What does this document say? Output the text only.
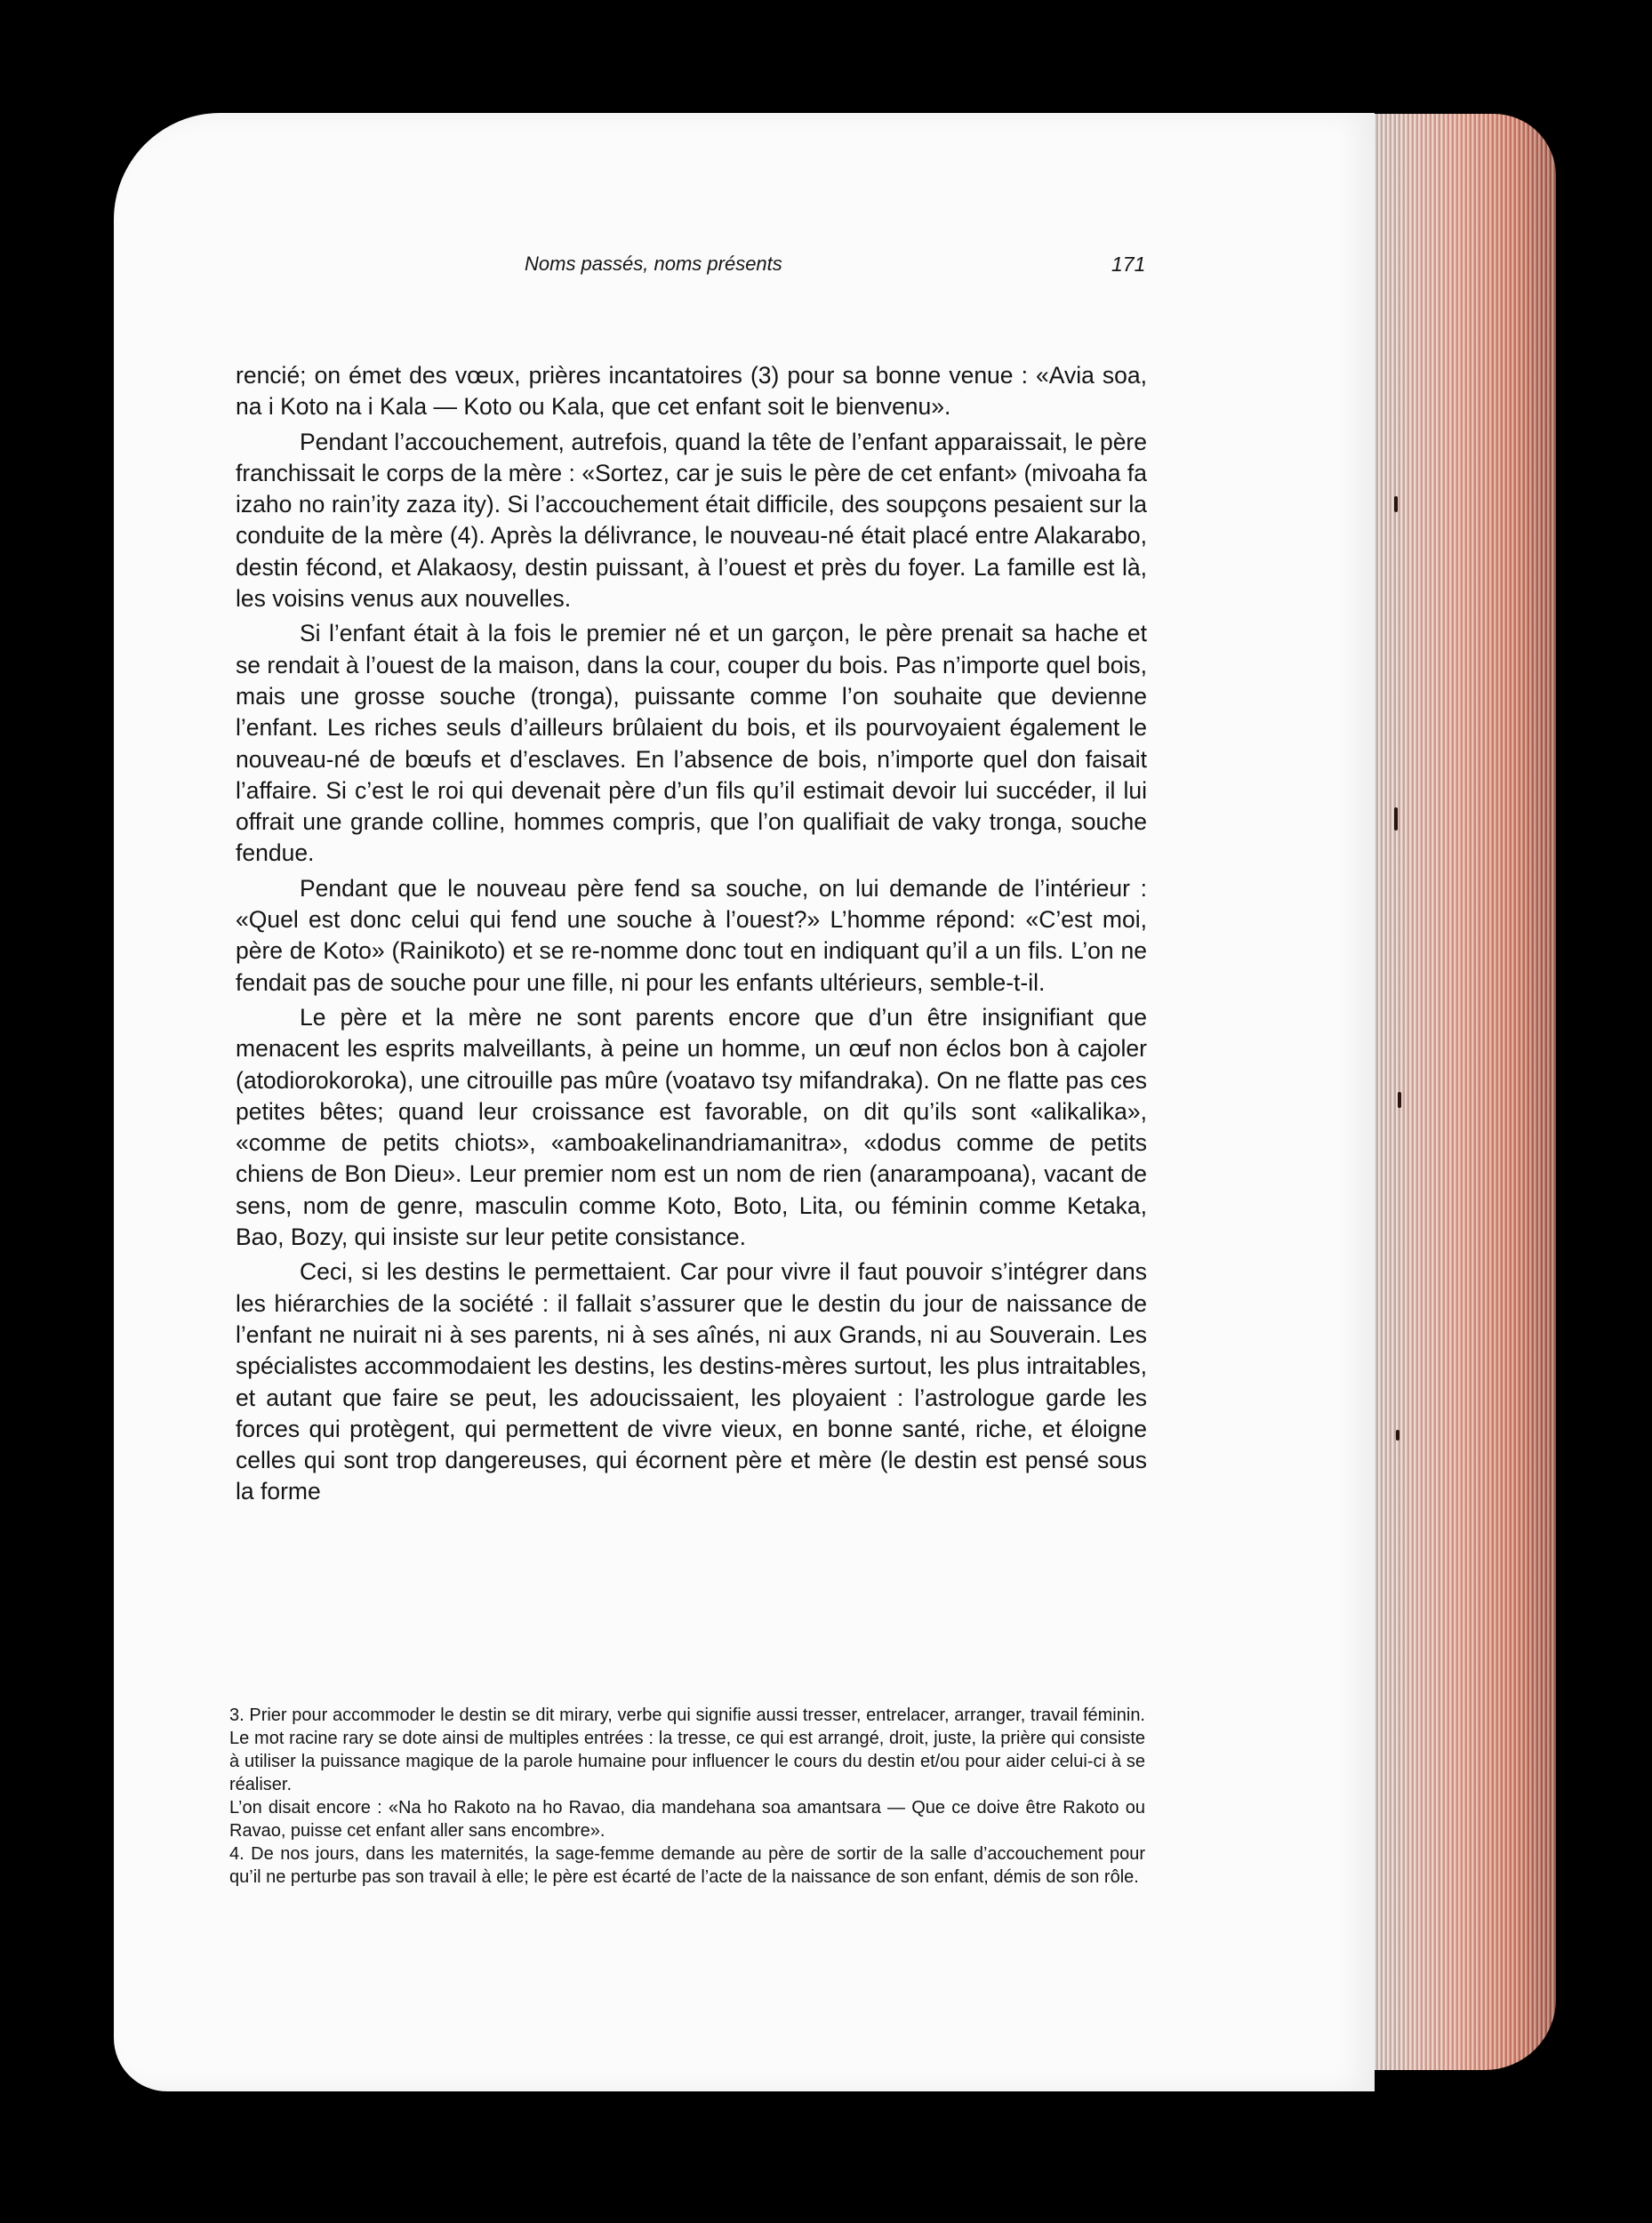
Noms passés, noms présents	171

rencié; on émet des vœux, prières incantatoires (3) pour sa bonne venue : «Avia soa, na i Koto na i Kala — Koto ou Kala, que cet enfant soit le bienvenu».

Pendant l’accouchement, autrefois, quand la tête de l’enfant apparaissait, le père franchissait le corps de la mère : «Sortez, car je suis le père de cet enfant» (mivoaha fa izaho no rain’ity zaza ity). Si l’accouchement était difficile, des soupçons pesaient sur la conduite de la mère (4). Après la délivrance, le nouveau-né était placé entre Alakarabo, destin fécond, et Alakaosy, destin puissant, à l’ouest et près du foyer. La famille est là, les voisins venus aux nouvelles.

Si l’enfant était à la fois le premier né et un garçon, le père prenait sa hache et se rendait à l’ouest de la maison, dans la cour, couper du bois. Pas n’importe quel bois, mais une grosse souche (tronga), puissante comme l’on souhaite que devienne l’enfant. Les riches seuls d’ailleurs brûlaient du bois, et ils pourvoyaient également le nouveau-né de bœufs et d’esclaves. En l’absence de bois, n’importe quel don faisait l’affaire. Si c’est le roi qui devenait père d’un fils qu’il estimait devoir lui succéder, il lui offrait une grande colline, hommes compris, que l’on qualifiait de vaky tronga, souche fendue.

Pendant que le nouveau père fend sa souche, on lui demande de l’intérieur : «Quel est donc celui qui fend une souche à l’ouest?» L’homme répond: «C’est moi, père de Koto» (Rainikoto) et se re-nomme donc tout en indiquant qu’il a un fils. L’on ne fendait pas de souche pour une fille, ni pour les enfants ultérieurs, semble-t-il.

Le père et la mère ne sont parents encore que d’un être insignifiant que menacent les esprits malveillants, à peine un homme, un œuf non éclos bon à cajoler (atodiorokoroka), une citrouille pas mûre (voatavo tsy mifandraka). On ne flatte pas ces petites bêtes; quand leur croissance est favorable, on dit qu’ils sont «alikalika», «comme de petits chiots», «amboakelinandriamanitra», «dodus comme de petits chiens de Bon Dieu». Leur premier nom est un nom de rien (anarampoana), vacant de sens, nom de genre, masculin comme Koto, Boto, Lita, ou féminin comme Ketaka, Bao, Bozy, qui insiste sur leur petite consistance.

Ceci, si les destins le permettaient. Car pour vivre il faut pouvoir s’intégrer dans les hiérarchies de la société : il fallait s’assurer que le destin du jour de naissance de l’enfant ne nuirait ni à ses parents, ni à ses aînés, ni aux Grands, ni au Souverain. Les spécialistes accommodaient les destins, les destins-mères surtout, les plus intraitables, et autant que faire se peut, les adoucissaient, les ployaient : l’astrologue garde les forces qui protègent, qui permettent de vivre vieux, en bonne santé, riche, et éloigne celles qui sont trop dangereuses, qui écornent père et mère (le destin est pensé sous la forme

3. Prier pour accommoder le destin se dit mirary, verbe qui signifie aussi tresser, entrelacer, arranger, travail féminin. Le mot racine rary se dote ainsi de multiples entrées : la tresse, ce qui est arrangé, droit, juste, la prière qui consiste à utiliser la puissance magique de la parole humaine pour influencer le cours du destin et/ou pour aider celui-ci à se réaliser.

L’on disait encore : «Na ho Rakoto na ho Ravao, dia mandehana soa amantsara — Que ce doive être Rakoto ou Ravao, puisse cet enfant aller sans encombre».

4. De nos jours, dans les maternités, la sage-femme demande au père de sortir de la salle d’accouchement pour qu’il ne perturbe pas son travail à elle; le père est écarté de l’acte de la naissance de son enfant, démis de son rôle.
